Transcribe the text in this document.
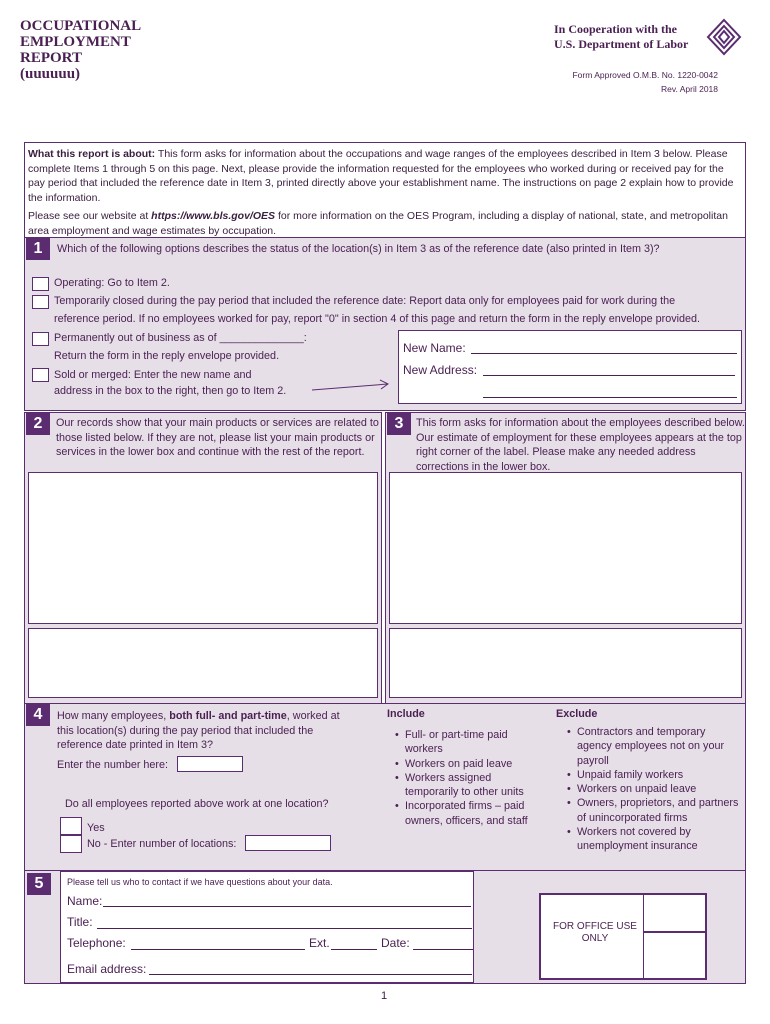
OCCUPATIONAL
EMPLOYMENT
REPORT
(uuuuuu)
In Cooperation with the
U.S. Department of Labor
Form Approved O.M.B. No. 1220-0042
Rev. April 2018

What this report is about: This form asks for information about the occupations and wage ranges of the employees described in Item 3 below. Please complete Items 1 through 5 on this page. Next, please provide the information requested for the employees who worked during or received pay for the pay period that included the reference date in Item 3, printed directly above your establishment name. The instructions on page 2 explain how to provide the information.

Please see our website at https://www.bls.gov/OES for more information on the OES Program, including a display of national, state, and metropolitan area employment and wage estimates by occupation.

1	Which of the following options describes the status of the location(s) in Item 3 as of the reference date (also printed in Item 3)?
Operating: Go to Item 2.
Temporarily closed during the pay period that included the reference date: Report data only for employees paid for work during the
reference period. If no employees worked for pay, report "0" in section 4 of this page and return the form in the reply envelope provided.
Permanently out of business as of ______________:
Return the form in the reply envelope provided.
Sold or merged: Enter the new name and
address in the box to the right, then go to Item 2.
New Name:
New Address:
2	Our records show that your main products or services are related to those listed below. If they are not, please list your main products or services in the lower box and continue with the rest of the report.
3	This form asks for information about the employees described below. Our estimate of employment for these employees appears at the top right corner of the label. Please make any needed address corrections in the lower box.
4	How many employees, both full- and part-time, worked at this location(s) during the pay period that included the reference date printed in Item 3?
Enter the number here:
Do all employees reported above work at one location?
Yes
No - Enter number of locations:
Include
• Full- or part-time paid workers
• Workers on paid leave
• Workers assigned temporarily to other units
• Incorporated firms – paid owners, officers, and staff
Exclude
• Contractors and temporary agency employees not on your payroll
• Unpaid family workers
• Workers on unpaid leave
• Owners, proprietors, and partners of unincorporated firms
• Workers not covered by unemployment insurance
5	Please tell us who to contact if we have questions about your data.
Name:
Title:
Telephone:	Ext.	Date:
Email address:
FOR OFFICE USE ONLY
1
